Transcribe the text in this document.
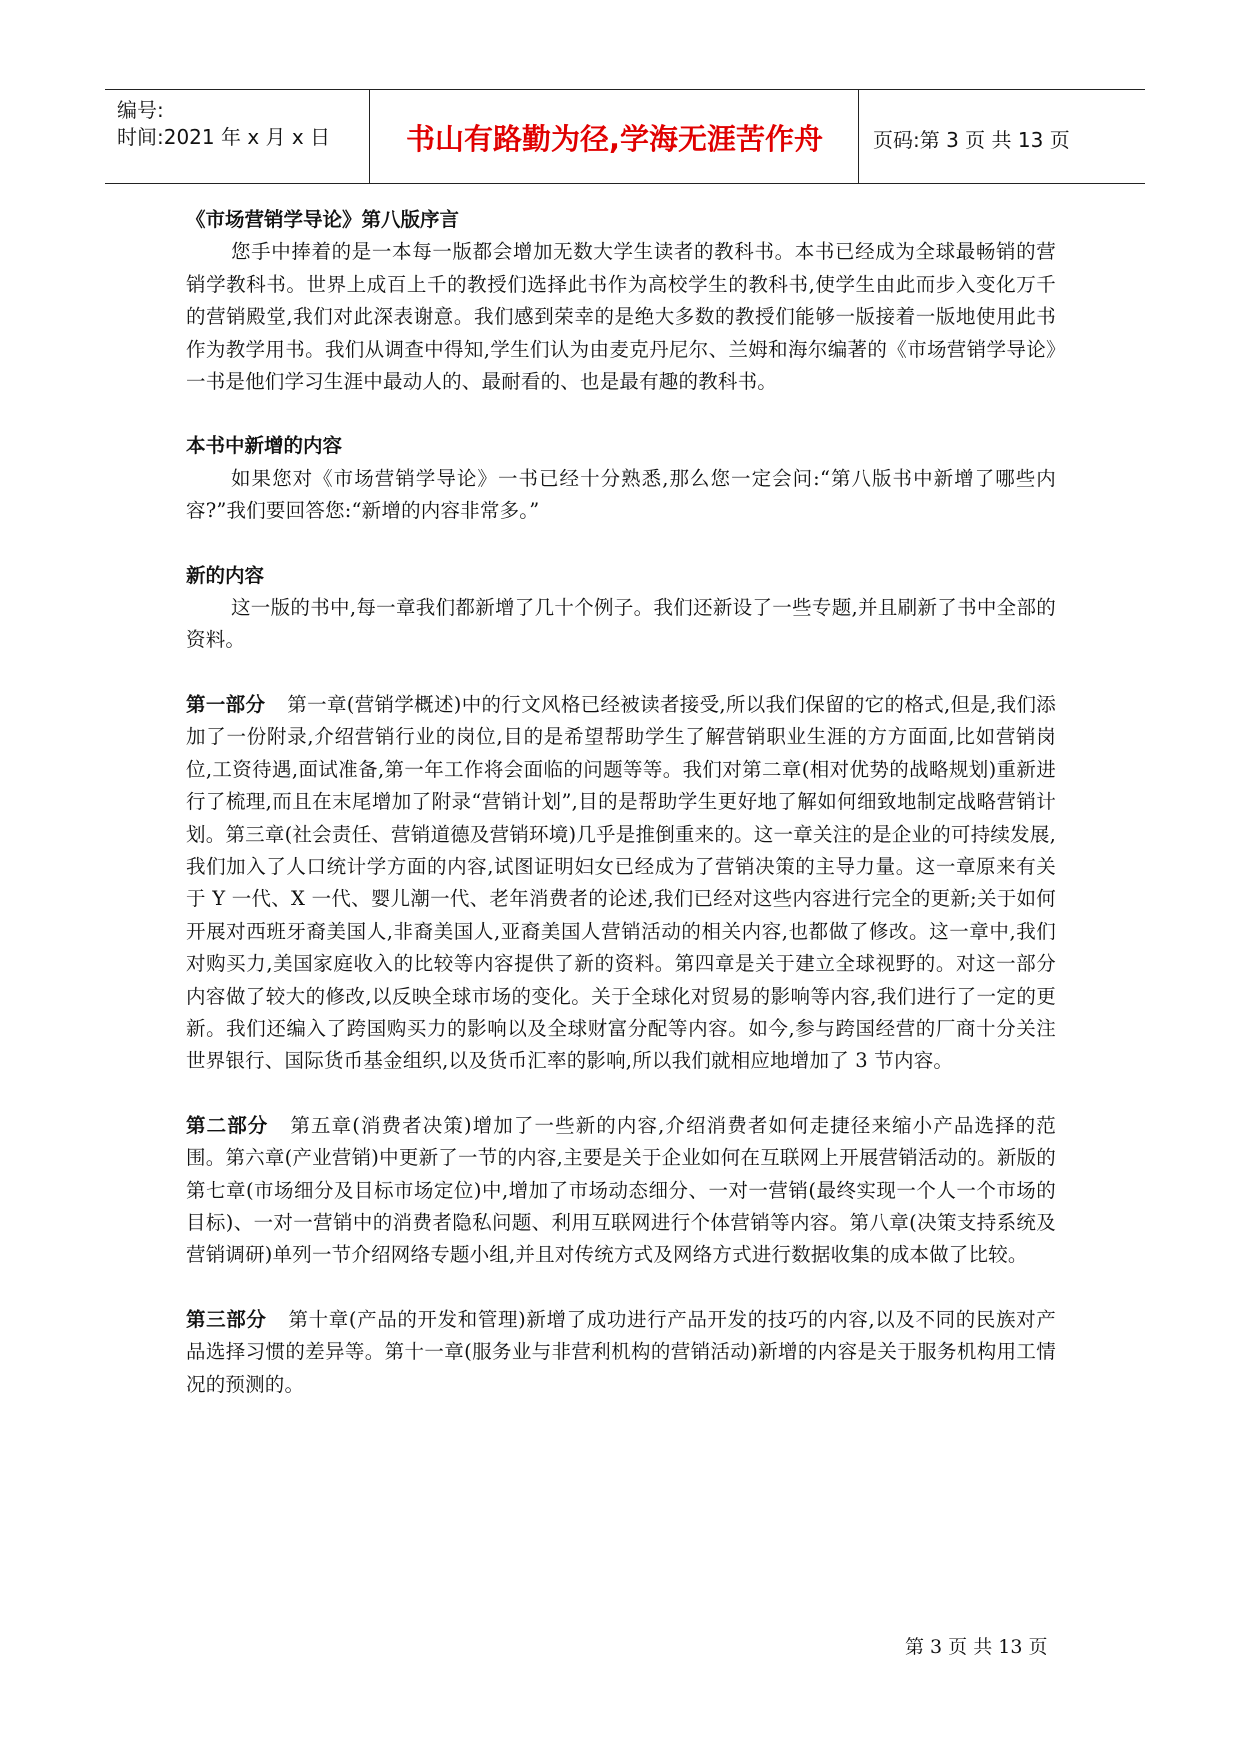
编号:
时间:2021 年 x 月 x 日	书山有路勤为径,学海无涯苦作舟	页码:第 3 页 共 13 页

《市场营销学导论》第八版序言

您手中捧着的是一本每一版都会增加无数大学生读者的教科书。本书已经成为全球最畅销的营销学教科书。世界上成百上千的教授们选择此书作为高校学生的教科书,使学生由此而步入变化万千的营销殿堂,我们对此深表谢意。我们感到荣幸的是绝大多数的教授们能够一版接着一版地使用此书作为教学用书。我们从调查中得知,学生们认为由麦克丹尼尔、兰姆和海尔编著的《市场营销学导论》一书是他们学习生涯中最动人的、最耐看的、也是最有趣的教科书。

本书中新增的内容

如果您对《市场营销学导论》一书已经十分熟悉,那么您一定会问:“第八版书中新增了哪些内容?”我们要回答您:“新增的内容非常多。”

新的内容

这一版的书中,每一章我们都新增了几十个例子。我们还新设了一些专题,并且刷新了书中全部的资料。

第一部分 第一章(营销学概述)中的行文风格已经被读者接受,所以我们保留的它的格式,但是,我们添加了一份附录,介绍营销行业的岗位,目的是希望帮助学生了解营销职业生涯的方方面面,比如营销岗位,工资待遇,面试准备,第一年工作将会面临的问题等等。我们对第二章(相对优势的战略规划)重新进行了梳理,而且在末尾增加了附录“营销计划”,目的是帮助学生更好地了解如何细致地制定战略营销计划。第三章(社会责任、营销道德及营销环境)几乎是推倒重来的。这一章关注的是企业的可持续发展,我们加入了人口统计学方面的内容,试图证明妇女已经成为了营销决策的主导力量。这一章原来有关于 Y 一代、X 一代、婴儿潮一代、老年消费者的论述,我们已经对这些内容进行完全的更新;关于如何开展对西班牙裔美国人,非裔美国人,亚裔美国人营销活动的相关内容,也都做了修改。这一章中,我们对购买力,美国家庭收入的比较等内容提供了新的资料。第四章是关于建立全球视野的。对这一部分内容做了较大的修改,以反映全球市场的变化。关于全球化对贸易的影响等内容,我们进行了一定的更新。我们还编入了跨国购买力的影响以及全球财富分配等内容。如今,参与跨国经营的厂商十分关注世界银行、国际货币基金组织,以及货币汇率的影响,所以我们就相应地增加了 3 节内容。

第二部分 第五章(消费者决策)增加了一些新的内容,介绍消费者如何走捷径来缩小产品选择的范围。第六章(产业营销)中更新了一节的内容,主要是关于企业如何在互联网上开展营销活动的。新版的第七章(市场细分及目标市场定位)中,增加了市场动态细分、一对一营销(最终实现一个人一个市场的目标)、一对一营销中的消费者隐私问题、利用互联网进行个体营销等内容。第八章(决策支持系统及营销调研)单列一节介绍网络专题小组,并且对传统方式及网络方式进行数据收集的成本做了比较。

第三部分 第十章(产品的开发和管理)新增了成功进行产品开发的技巧的内容,以及不同的民族对产品选择习惯的差异等。第十一章(服务业与非营利机构的营销活动)新增的内容是关于服务机构用工情况的预测的。

第 3 页 共 13 页
